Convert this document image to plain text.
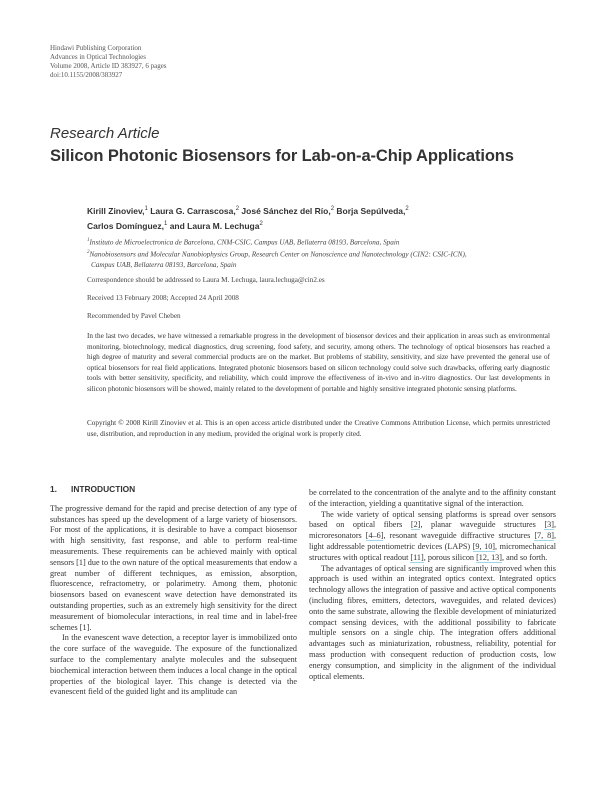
Hindawi Publishing Corporation
Advances in Optical Technologies
Volume 2008, Article ID 383927, 6 pages
doi:10.1155/2008/383927
Research Article
Silicon Photonic Biosensors for Lab-on-a-Chip Applications
Kirill Zinoviev,$^1$ Laura G. Carrascosa,$^2$ José Sánchez del Río,$^2$ Borja Sepúlveda,$^2$
Carlos Domínguez,$^1$ and Laura M. Lechuga$^2$
$^1$Instituto de Microelectronica de Barcelona, CNM-CSIC, Campus UAB, Bellaterra 08193, Barcelona, Spain
$^2$Nanobiosensors and Molecular Nanobiophysics Group, Research Center on Nanoscience and Nanotechnology (CIN2: CSIC-ICN),
Campus UAB, Bellaterra 08193, Barcelona, Spain
Correspondence should be addressed to Laura M. Lechuga, laura.lechuga@cin2.es
Received 13 February 2008; Accepted 24 April 2008
Recommended by Pavel Cheben
In the last two decades, we have witnessed a remarkable progress in the development of biosensor devices and their application in areas such as environmental monitoring, biotechnology, medical diagnostics, drug screening, food safety, and security, among others. The technology of optical biosensors has reached a high degree of maturity and several commercial products are on the market. But problems of stability, sensitivity, and size have prevented the general use of optical biosensors for real field applications. Integrated photonic biosensors based on silicon technology could solve such drawbacks, offering early diagnostic tools with better sensitivity, specificity, and reliability, which could improve the effectiveness of in-vivo and in-vitro diagnostics. Our last developments in silicon photonic biosensors will be showed, mainly related to the development of portable and highly sensitive integrated photonic sensing platforms.
Copyright © 2008 Kirill Zinoviev et al. This is an open access article distributed under the Creative Commons Attribution License, which permits unrestricted use, distribution, and reproduction in any medium, provided the original work is properly cited.
1. INTRODUCTION

The progressive demand for the rapid and precise detection of any type of substances has speed up the development of a large variety of biosensors. For most of the applications, it is desirable to have a compact biosensor with high sensitivity, fast response, and able to perform real-time measurements. These requirements can be achieved mainly with optical sensors [1] due to the own nature of the optical measurements that endow a great number of different techniques, as emission, absorption, fluorescence, refractometry, or polarimetry. Among them, photonic biosensors based on evanescent wave detection have demonstrated its outstanding properties, such as an extremely high sensitivity for the direct measurement of biomolecular interactions, in real time and in label-free schemes [1].

In the evanescent wave detection, a receptor layer is immobilized onto the core surface of the waveguide. The exposure of the functionalized surface to the complementary analyte molecules and the subsequent biochemical interaction between them induces a local change in the optical properties of the biological layer. This change is detected via the evanescent field of the guided light and its amplitude can

be correlated to the concentration of the analyte and to the affinity constant of the interaction, yielding a quantitative signal of the interaction.

The wide variety of optical sensing platforms is spread over sensors based on optical fibers [2], planar waveguide structures [3], microresonators [4–6], resonant waveguide diffractive structures [7, 8], light addressable potentiometric devices (LAPS) [9, 10], micromechanical structures with optical readout [11], porous silicon [12, 13], and so forth.

The advantages of optical sensing are significantly improved when this approach is used within an integrated optics context. Integrated optics technology allows the integration of passive and active optical components (including fibres, emitters, detectors, waveguides, and related devices) onto the same substrate, allowing the flexible development of miniaturized compact sensing devices, with the additional possibility to fabricate multiple sensors on a single chip. The integration offers additional advantages such as miniaturization, robustness, reliability, potential for mass production with consequent reduction of production costs, low energy consumption, and simplicity in the alignment of the individual optical elements.
